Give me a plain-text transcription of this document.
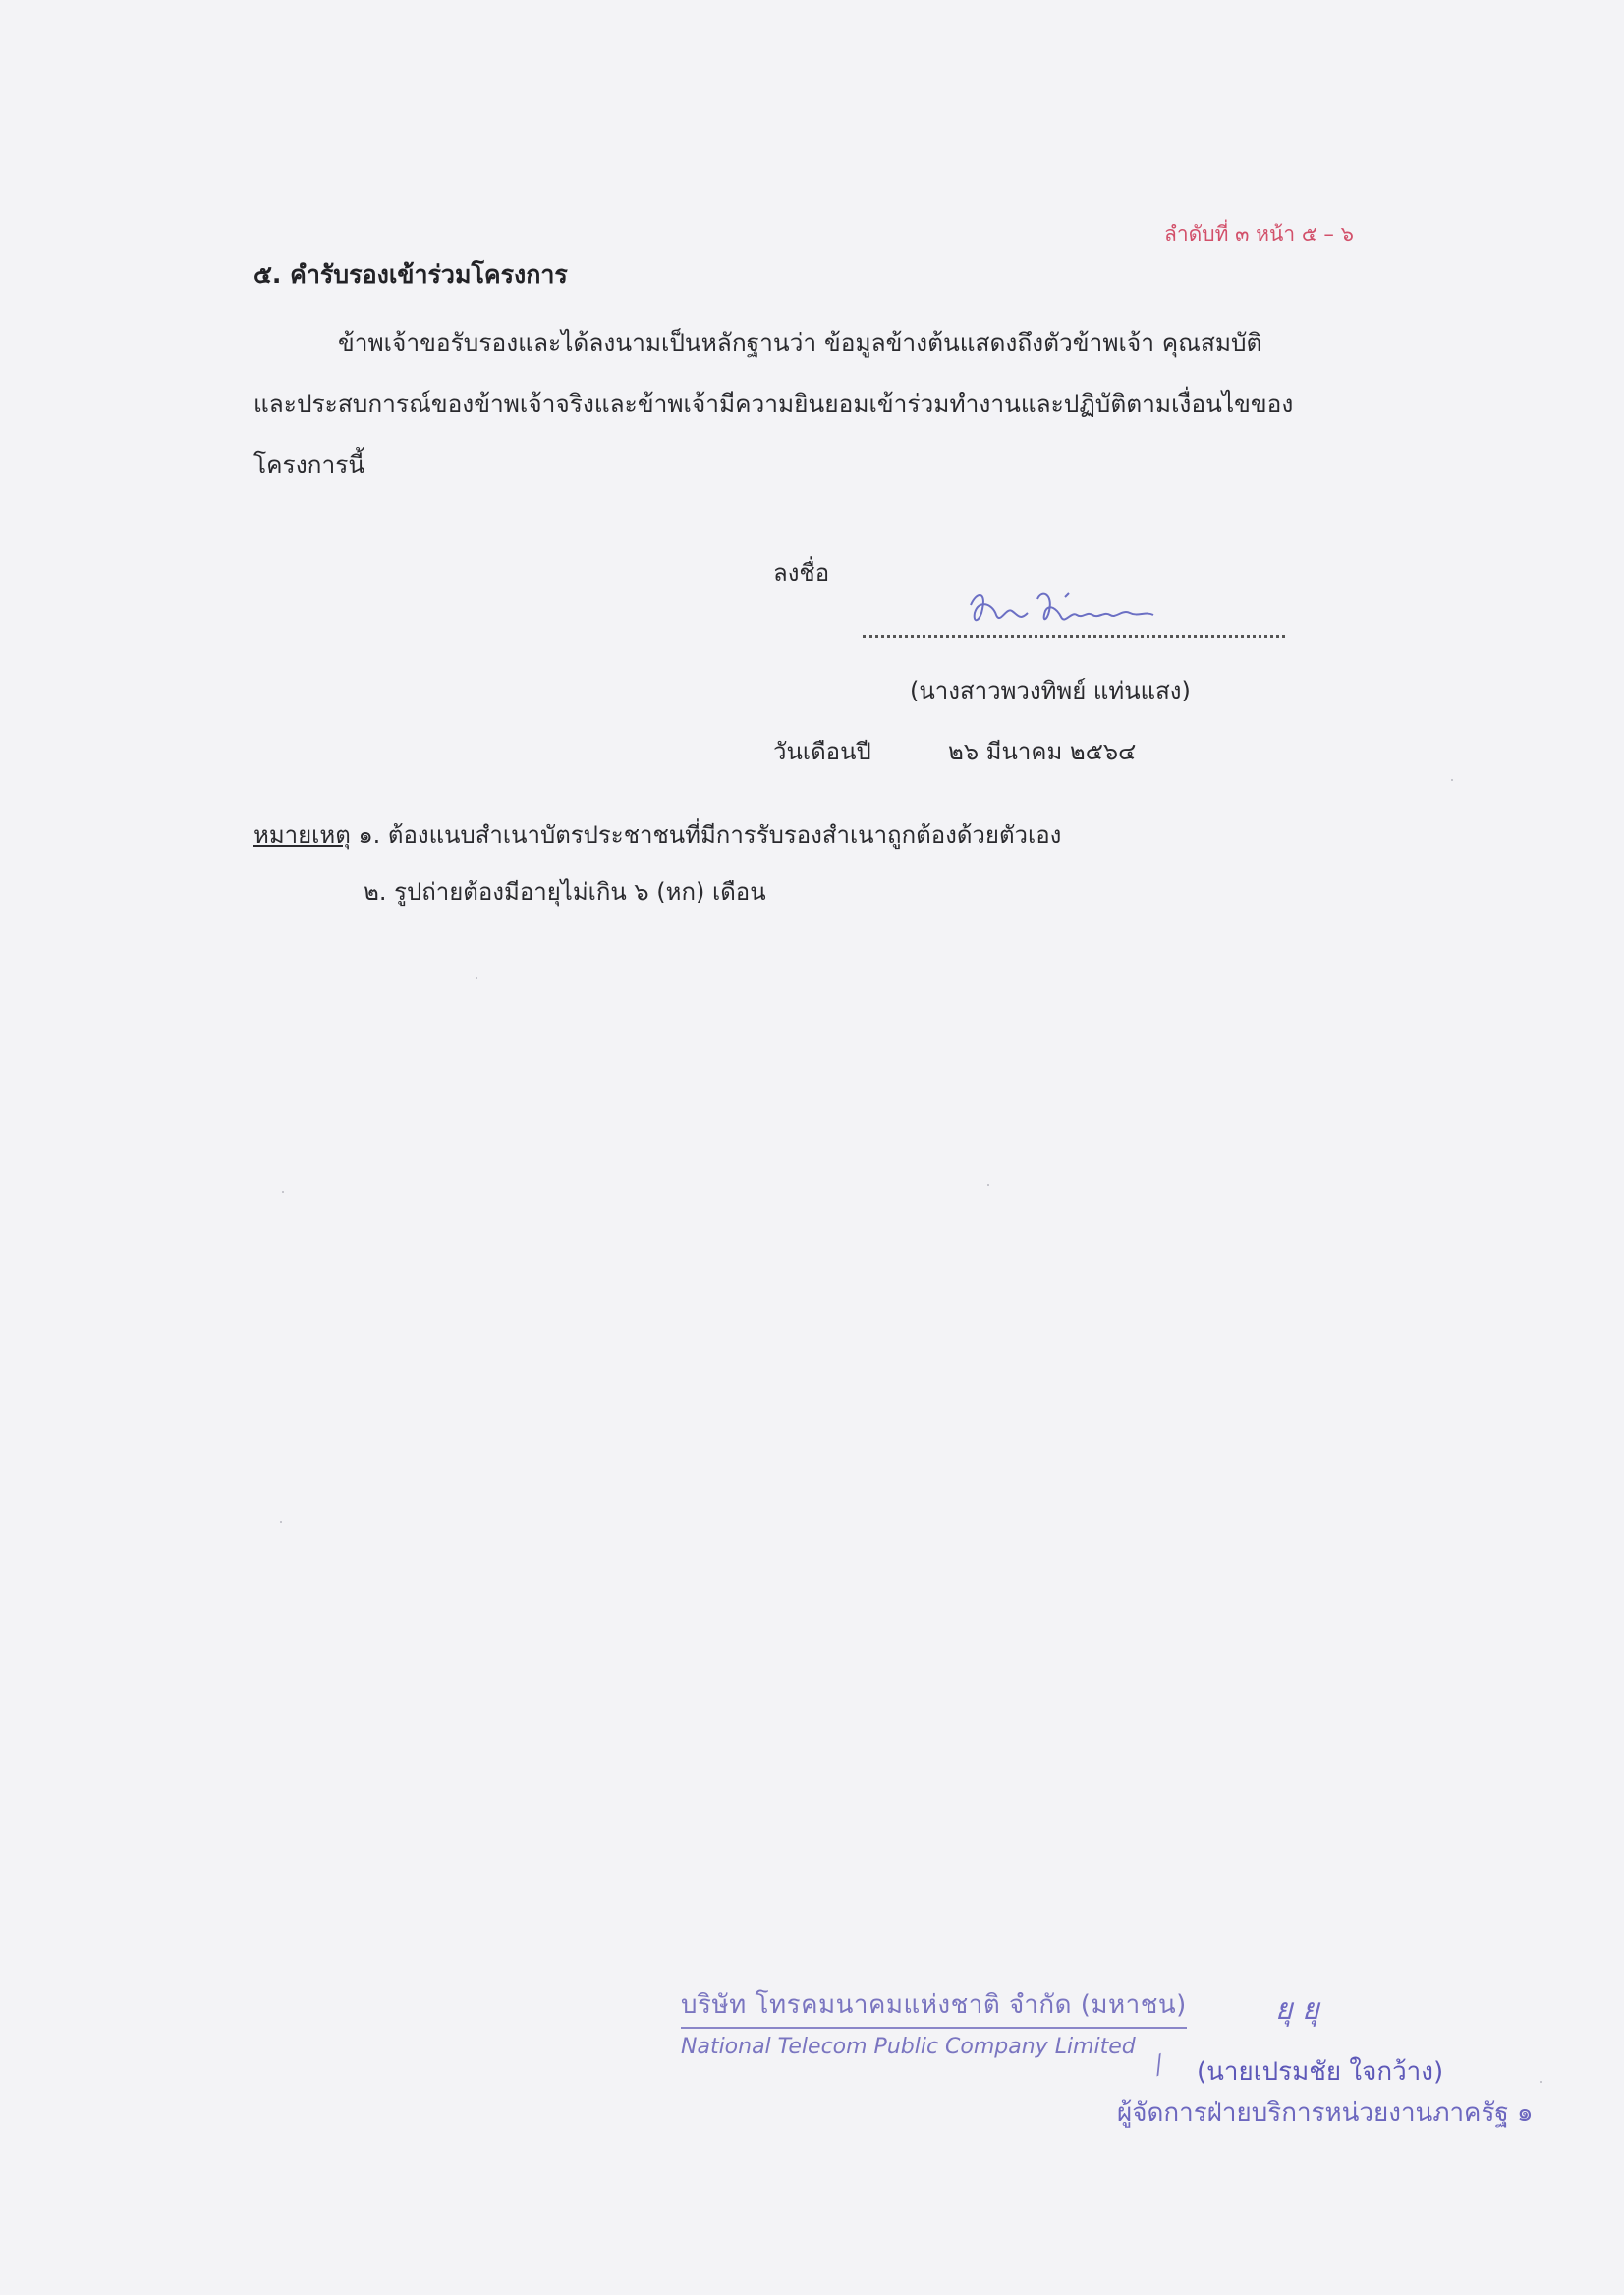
ลำดับที่ ๓ หน้า ๕ – ๖
๕. คำรับรองเข้าร่วมโครงการ
ข้าพเจ้าขอรับรองและได้ลงนามเป็นหลักฐานว่า ข้อมูลข้างต้นแสดงถึงตัวข้าพเจ้า คุณสมบัติ
และประสบการณ์ของข้าพเจ้าจริงและข้าพเจ้ามีความยินยอมเข้าร่วมทำงานและปฏิบัติตามเงื่อนไขของ
โครงการนี้
ลงชื่อ
(นางสาวพวงทิพย์ แท่นแสง)
วันเดือนปี	๒๖ มีนาคม ๒๕๖๔
หมายเหตุ ๑. ต้องแนบสำเนาบัตรประชาชนที่มีการรับรองสำเนาถูกต้องด้วยตัวเอง
๒. รูปถ่ายต้องมีอายุไม่เกิน ๖ (หก) เดือน
บริษัท โทรคมนาคมแห่งชาติ จำกัด (มหาชน)
National Telecom Public Company Limited
ยุ ยุ
⁄ (นายเปรมชัย ใจกว้าง)
ผู้จัดการฝ่ายบริการหน่วยงานภาครัฐ ๑
